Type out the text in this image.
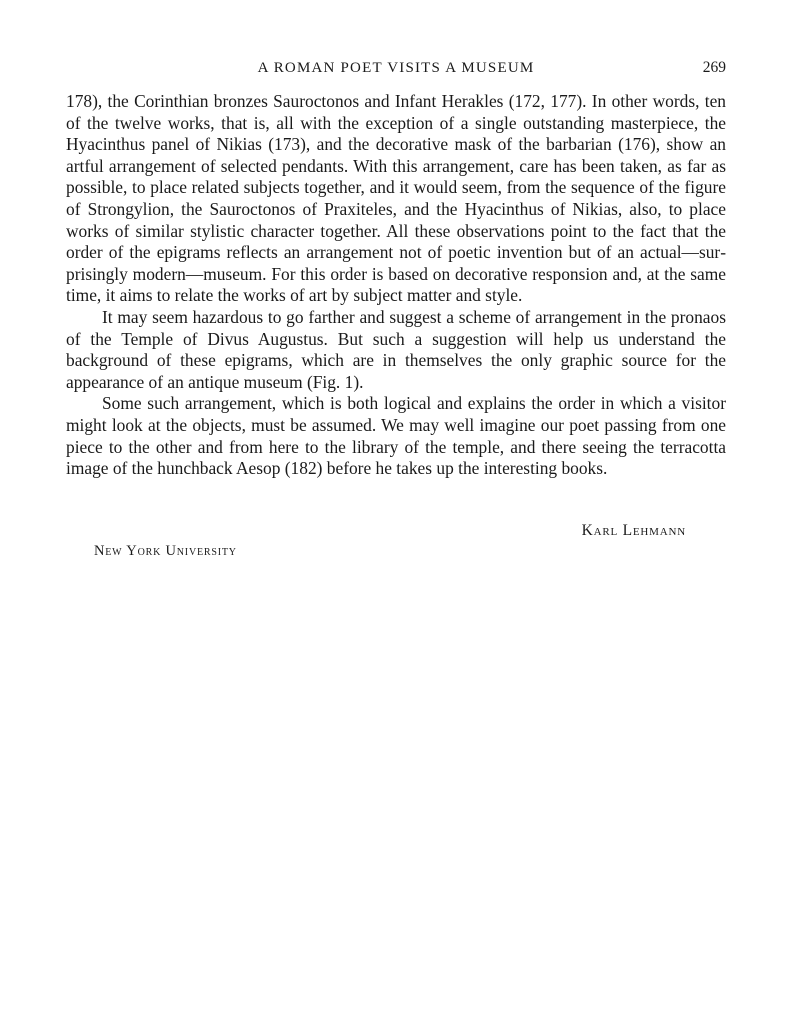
A ROMAN POET VISITS A MUSEUM	269

178), the Corinthian bronzes Sauroctonos and Infant Herakles (172, 177). In other words, ten of the twelve works, that is, all with the exception of a single outstanding masterpiece, the Hyacinthus panel of Nikias (173), and the decorative mask of the barbarian (176), show an artful arrangement of selected pendants. With this arrangement, care has been taken, as far as possible, to place related subjects together, and it would seem, from the sequence of the figure of Strongylion, the Sauroctonos of Praxiteles, and the Hyacinthus of Nikias, also, to place works of similar stylistic character together. All these observations point to the fact that the order of the epigrams reflects an arrangement not of poetic invention but of an actual—surprisingly modern—museum. For this order is based on decorative responsion and, at the same time, it aims to relate the works of art by subject matter and style.

It may seem hazardous to go farther and suggest a scheme of arrangement in the pronaos of the Temple of Divus Augustus. But such a suggestion will help us understand the background of these epigrams, which are in themselves the only graphic source for the appearance of an antique museum (Fig. 1).

Some such arrangement, which is both logical and explains the order in which a visitor might look at the objects, must be assumed. We may well imagine our poet passing from one piece to the other and from here to the library of the temple, and there seeing the terracotta image of the hunchback Aesop (182) before he takes up the interesting books.

Karl Lehmann
New York University
